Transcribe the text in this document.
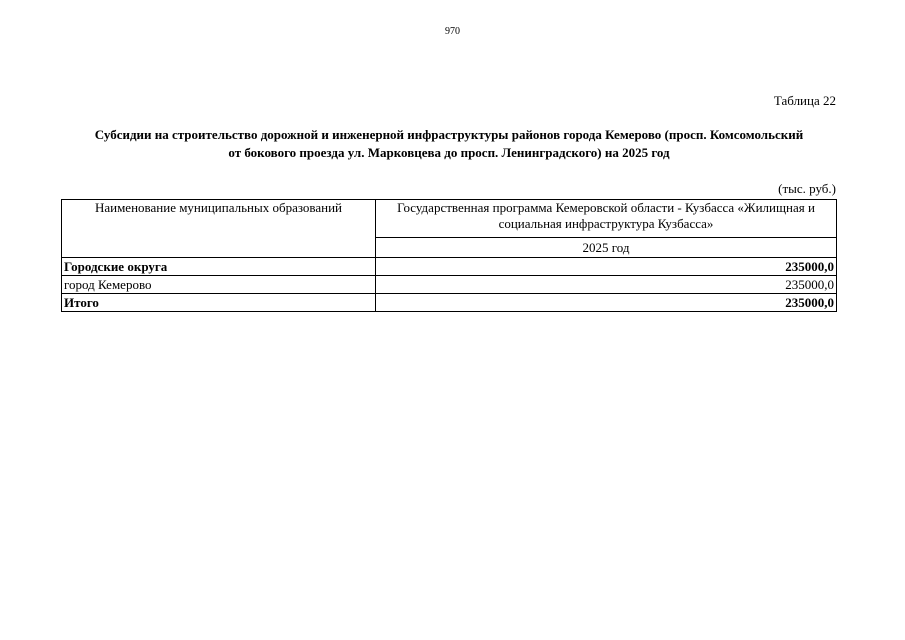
970
Таблица 22
Субсидии на строительство дорожной и инженерной инфраструктуры районов города Кемерово (просп. Комсомольский
от бокового проезда ул. Марковцева до просп. Ленинградского) на 2025 год
(тыс. руб.)
Наименование муниципальных образований	Государственная программа Кемеровской области - Кузбасса «Жилищная и социальная инфраструктура Кузбасса»
	2025 год
Городские округа	235000,0
город Кемерово	235000,0
Итого	235000,0
